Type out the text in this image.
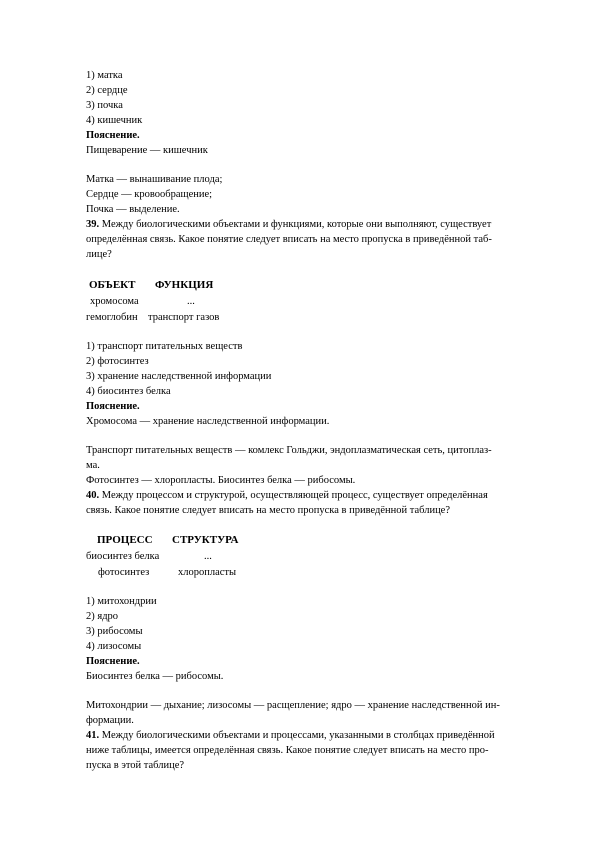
1) матка
2) сердце
3) почка
4) кишечник
Пояснение.
Пищеварение — кишечник
Матка — вынашивание плода;
Сердце — кровообращение;
Почка — выделение.
39. Между биологическими объектами и функциями, которые они выполняют, существует
определённая связь. Какое понятие следует вписать на место пропуска в приведённой таб-
лице?
ОБЪЕКТ ФУНКЦИЯ
хромосома	...
гемоглобин транспорт газов
1) транспорт питательных веществ
2) фотосинтез
3) хранение наследственной информации
4) биосинтез белка
Пояснение.
Хромосома — хранение наследственной информации.
Транспорт питательных веществ — комлекс Гольджи, эндоплазматическая сеть, цитоплаз-
ма.
Фотосинтез — хлоропласты. Биосинтез белка — рибосомы.
40. Между процессом и структурой, осуществляющей процесс, существует определённая
связь. Какое понятие следует вписать на место пропуска в приведённой таблице?
ПРОЦЕСС СТРУКТУРА
биосинтез белка	...
фотосинтез	хлоропласты
1) митохондрии
2) ядро
3) рибосомы
4) лизосомы
Пояснение.
Биосинтез белка — рибосомы.
Митохондрии — дыхание; лизосомы — расщепление; ядро — хранение наследственной ин-
формации.
41. Между биологическими объектами и процессами, указанными в столбцах приведённой
ниже таблицы, имеется определённая связь. Какое понятие следует вписать на место про-
пуска в этой таблице?
